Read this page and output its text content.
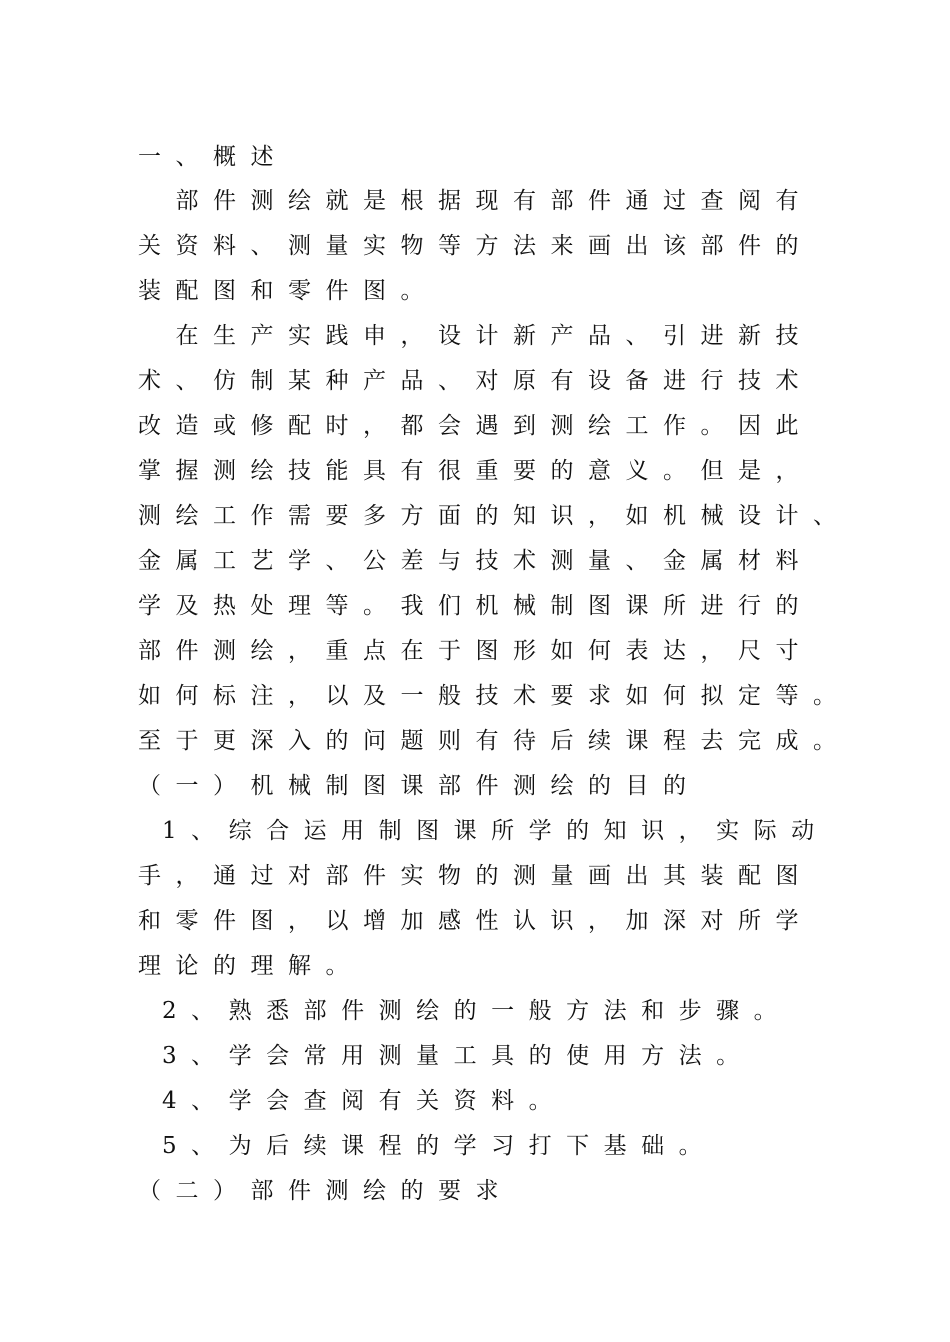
一、概述
　部件测绘就是根据现有部件通过查阅有
关资料、测量实物等方法来画出该部件的
装配图和零件图。
　在生产实践申，设计新产品、引进新技
术、仿制某种产品、对原有设备进行技术
改造或修配时，都会遇到测绘工作。因此
掌握测绘技能具有很重要的意义。但是，
测绘工作需要多方面的知识，如机械设计、
金属工艺学、公差与技术测量、金属材料
学及热处理等。我们机械制图课所进行的
部件测绘，重点在于图形如何表达，尺寸
如何标注，以及一般技术要求如何拟定等。
至于更深入的问题则有待后续课程去完成。
（一）机械制图课部件测绘的目的
1、综合运用制图课所学的知识，实际动
手，通过对部件实物的测量画出其装配图
和零件图，以增加感性认识，加深对所学
理论的理解。
2、熟悉部件测绘的一般方法和步骤。
3、学会常用测量工具的使用方法。
4、学会查阅有关资料。
5、为后续课程的学习打下基础。
（二）部件测绘的要求
